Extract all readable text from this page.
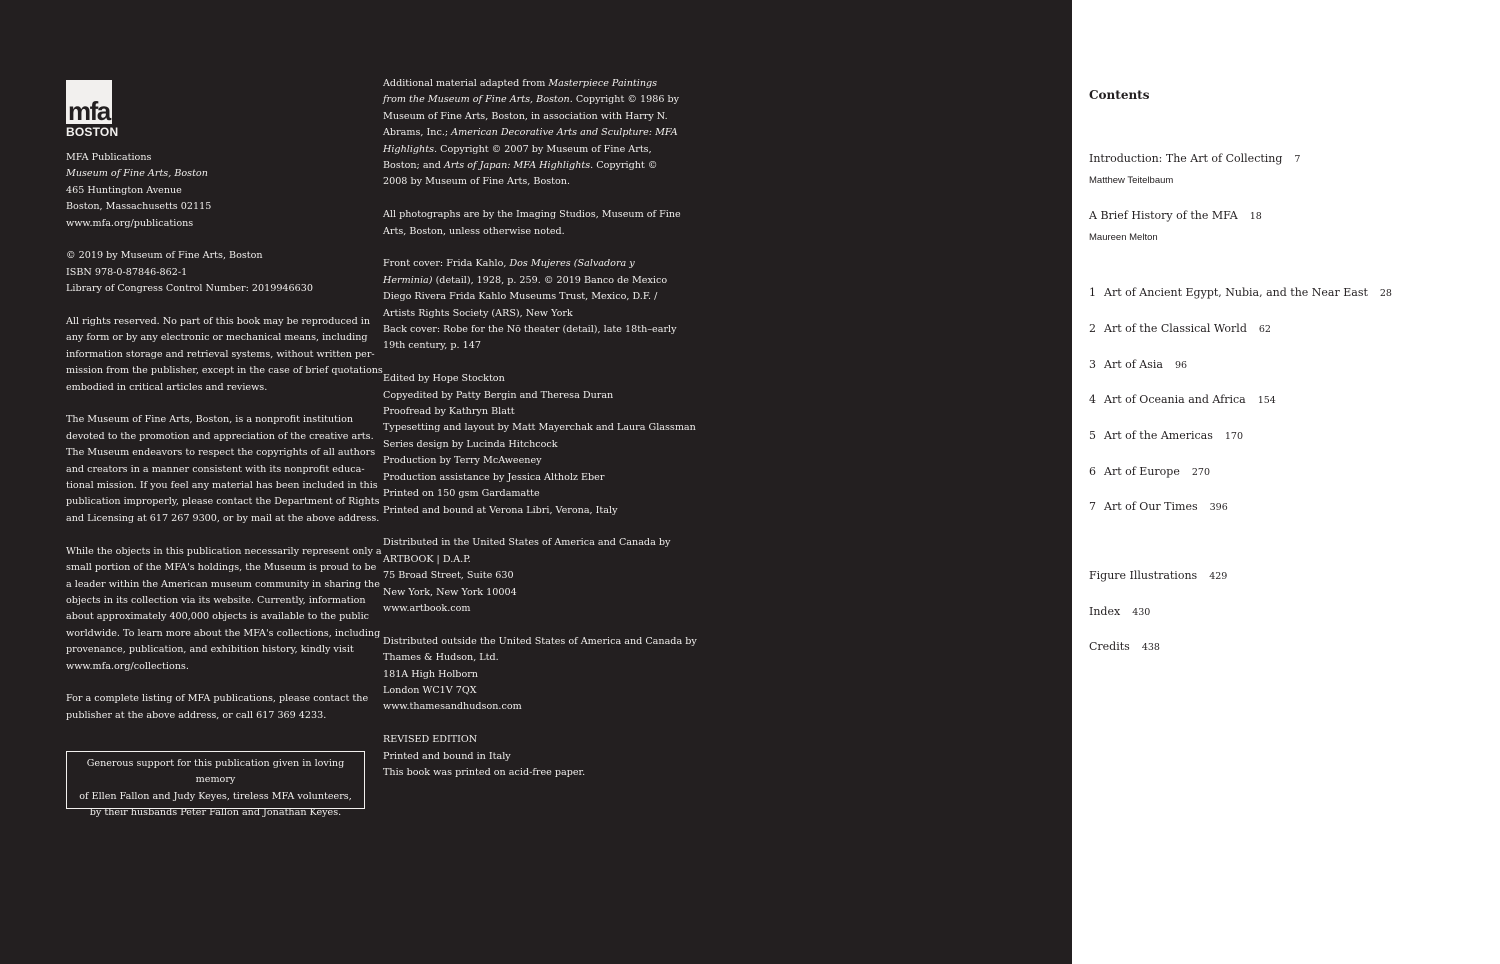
mfa
BOSTON

MFA Publications

Museum of Fine Arts, Boston

465 Huntington Avenue

Boston, Massachusetts 02115

www.mfa.org/publications

© 2019 by Museum of Fine Arts, Boston

ISBN 978-0-87846-862-1

Library of Congress Control Number: 2019946630

All rights reserved. No part of this book may be reproduced in

any form or by any electronic or mechanical means, including

information storage and retrieval systems, without written per-

mission from the publisher, except in the case of brief quotations

embodied in critical articles and reviews.

The Museum of Fine Arts, Boston, is a nonprofit institution

devoted to the promotion and appreciation of the creative arts.

The Museum endeavors to respect the copyrights of all authors

and creators in a manner consistent with its nonprofit educa-

tional mission. If you feel any material has been included in this

publication improperly, please contact the Department of Rights

and Licensing at 617 267 9300, or by mail at the above address.

While the objects in this publication necessarily represent only a

small portion of the MFA's holdings, the Museum is proud to be

a leader within the American museum community in sharing the

objects in its collection via its website. Currently, information

about approximately 400,000 objects is available to the public

worldwide. To learn more about the MFA's collections, including

provenance, publication, and exhibition history, kindly visit

www.mfa.org/collections.

For a complete listing of MFA publications, please contact the

publisher at the above address, or call 617 369 4233.

Generous support for this publication given in loving memory

of Ellen Fallon and Judy Keyes, tireless MFA volunteers,

by their husbands Peter Fallon and Jonathan Keyes.

Additional material adapted from Masterpiece Paintings from the Museum of Fine Arts, Boston. Copyright © 1986 by Museum of Fine Arts, Boston, in association with Harry N. Abrams, Inc.; American Decorative Arts and Sculpture: MFA Highlights. Copyright © 2007 by Museum of Fine Arts, Boston; and Arts of Japan: MFA Highlights. Copyright © 2008 by Museum of Fine Arts, Boston.

All photographs are by the Imaging Studios, Museum of Fine Arts, Boston, unless otherwise noted.

Front cover: Frida Kahlo, Dos Mujeres (Salvadora y Herminia) (detail), 1928, p. 259. © 2019 Banco de Mexico Diego Rivera Frida Kahlo Museums Trust, Mexico, D.F. / Artists Rights Society (ARS), New York

Back cover: Robe for the Nō theater (detail), late 18th–early 19th century, p. 147

Edited by Hope Stockton

Copyedited by Patty Bergin and Theresa Duran

Proofread by Kathryn Blatt

Typesetting and layout by Matt Mayerchak and Laura Glassman

Series design by Lucinda Hitchcock

Production by Terry McAweeney

Production assistance by Jessica Altholz Eber

Printed on 150 gsm Gardamatte

Printed and bound at Verona Libri, Verona, Italy

Distributed in the United States of America and Canada by

ARTBOOK | D.A.P.

75 Broad Street, Suite 630

New York, New York 10004

www.artbook.com

Distributed outside the United States of America and Canada by

Thames & Hudson, Ltd.

181A High Holborn

London WC1V 7QX

www.thamesandhudson.com

REVISED EDITION

Printed and bound in Italy

This book was printed on acid-free paper.

Contents
Introduction: The Art of Collecting 7
Matthew Teitelbaum
A Brief History of the MFA 18
Maureen Melton
1 Art of Ancient Egypt, Nubia, and the Near East 28
2 Art of the Classical World 62
3 Art of Asia 96
4 Art of Oceania and Africa 154
5 Art of the Americas 170
6 Art of Europe 270
7 Art of Our Times 396
Figure Illustrations 429
Index 430
Credits 438
